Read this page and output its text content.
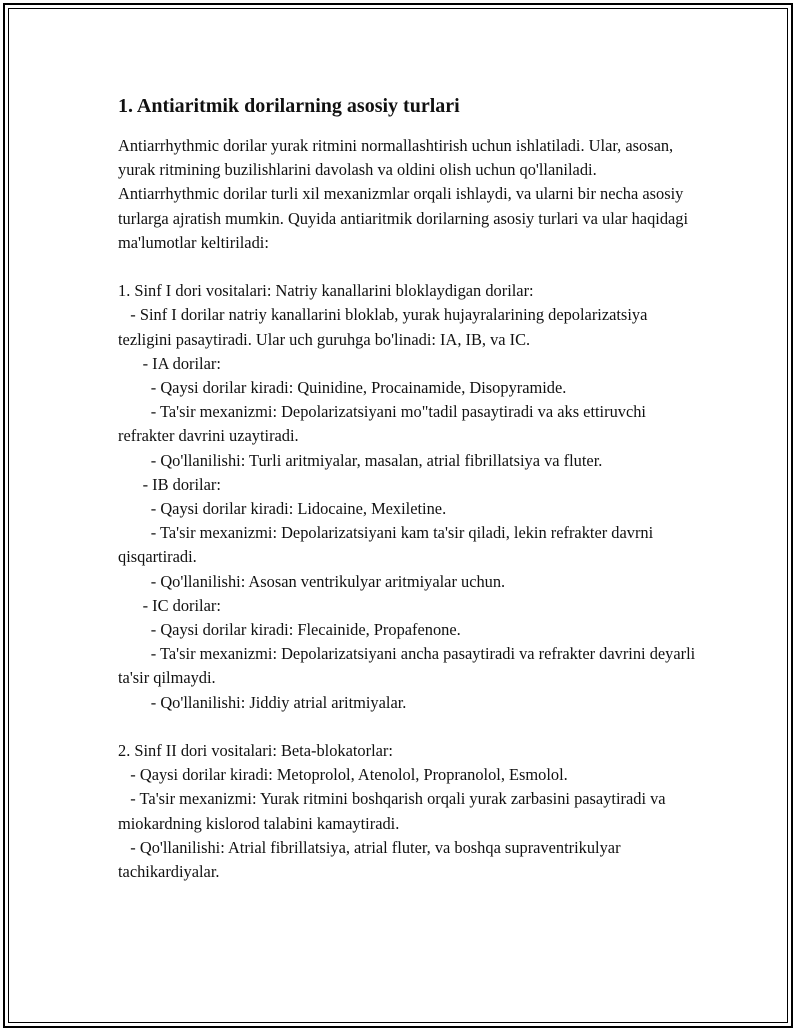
1. Antiaritmik dorilarning asosiy turlari

Antiarrhythmic dorilar yurak ritmini normallashtirish uchun ishlatiladi. Ular, asosan, yurak ritmining buzilishlarini davolash va oldini olish uchun qo'llaniladi. Antiarrhythmic dorilar turli xil mexanizmlar orqali ishlaydi, va ularni bir necha asosiy turlarga ajratish mumkin. Quyida antiaritmik dorilarning asosiy turlari va ular haqidagi ma'lumotlar keltiriladi:

1. Sinf I dori vositalari: Natriy kanallarini bloklaydigan dorilar:

- Sinf I dorilar natriy kanallarini bloklab, yurak hujayralarining depolarizatsiya tezligini pasaytiradi. Ular uch guruhga bo'linadi: IA, IB, va IC.

- IA dorilar:

- Qaysi dorilar kiradi: Quinidine, Procainamide, Disopyramide.

- Ta'sir mexanizmi: Depolarizatsiyani mo"tadil pasaytiradi va aks ettiruvchi refrakter davrini uzaytiradi.

- Qo'llanilishi: Turli aritmiyalar, masalan, atrial fibrillatsiya va fluter.

- IB dorilar:

- Qaysi dorilar kiradi: Lidocaine, Mexiletine.

- Ta'sir mexanizmi: Depolarizatsiyani kam ta'sir qiladi, lekin refrakter davrni qisqartiradi.

- Qo'llanilishi: Asosan ventrikulyar aritmiyalar uchun.

- IC dorilar:

- Qaysi dorilar kiradi: Flecainide, Propafenone.

- Ta'sir mexanizmi: Depolarizatsiyani ancha pasaytiradi va refrakter davrini deyarli ta'sir qilmaydi.

- Qo'llanilishi: Jiddiy atrial aritmiyalar.

2. Sinf II dori vositalari: Beta-blokatorlar:

- Qaysi dorilar kiradi: Metoprolol, Atenolol, Propranolol, Esmolol.

- Ta'sir mexanizmi: Yurak ritmini boshqarish orqali yurak zarbasini pasaytiradi va miokardning kislorod talabini kamaytiradi.

- Qo'llanilishi: Atrial fibrillatsiya, atrial fluter, va boshqa supraventrikulyar tachikardiyalar.
